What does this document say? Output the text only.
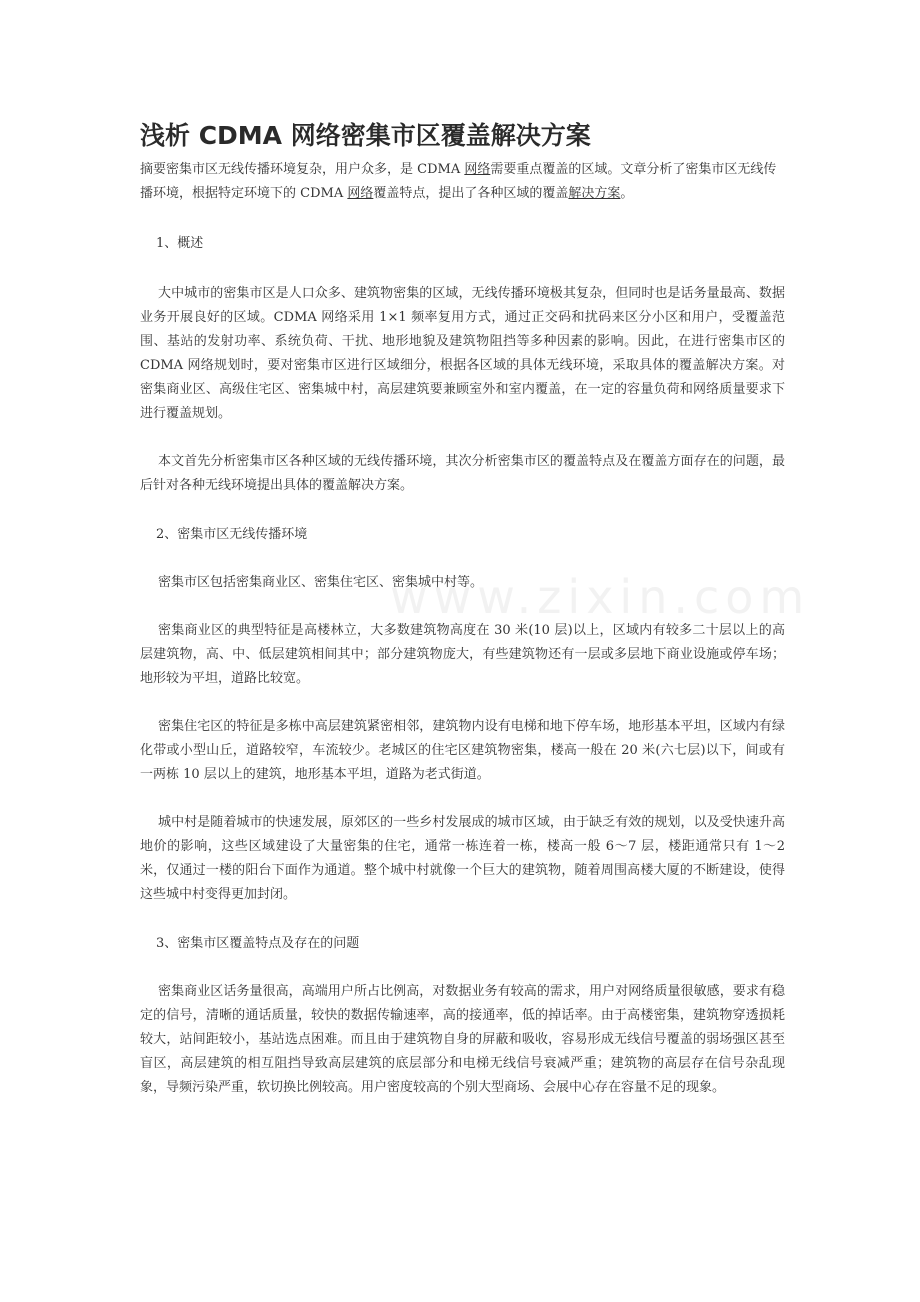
www.zixin.com
浅析 CDMA 网络密集市区覆盖解决方案

摘要密集市区无线传播环境复杂，用户众多，是 CDMA 网络需要重点覆盖的区域。文章分析了密集市区无线传播环境，根据特定环境下的 CDMA 网络覆盖特点，提出了各种区域的覆盖解决方案。

1、概述

大中城市的密集市区是人口众多、建筑物密集的区域，无线传播环境极其复杂，但同时也是话务量最高、数据业务开展良好的区域。CDMA 网络采用 1×1 频率复用方式，通过正交码和扰码来区分小区和用户，受覆盖范围、基站的发射功率、系统负荷、干扰、地形地貌及建筑物阻挡等多种因素的影响。因此，在进行密集市区的 CDMA 网络规划时，要对密集市区进行区域细分，根据各区域的具体无线环境，采取具体的覆盖解决方案。对密集商业区、高级住宅区、密集城中村，高层建筑要兼顾室外和室内覆盖，在一定的容量负荷和网络质量要求下进行覆盖规划。

本文首先分析密集市区各种区域的无线传播环境，其次分析密集市区的覆盖特点及在覆盖方面存在的问题，最后针对各种无线环境提出具体的覆盖解决方案。

2、密集市区无线传播环境

密集市区包括密集商业区、密集住宅区、密集城中村等。

密集商业区的典型特征是高楼林立，大多数建筑物高度在 30 米(10 层)以上，区域内有较多二十层以上的高层建筑物，高、中、低层建筑相间其中；部分建筑物庞大，有些建筑物还有一层或多层地下商业设施或停车场；地形较为平坦，道路比较宽。

密集住宅区的特征是多栋中高层建筑紧密相邻，建筑物内设有电梯和地下停车场，地形基本平坦，区域内有绿化带或小型山丘，道路较窄，车流较少。老城区的住宅区建筑物密集，楼高一般在 20 米(六七层)以下，间或有一两栋 10 层以上的建筑，地形基本平坦，道路为老式街道。

城中村是随着城市的快速发展，原郊区的一些乡村发展成的城市区域，由于缺乏有效的规划，以及受快速升高地价的影响，这些区域建设了大量密集的住宅，通常一栋连着一栋，楼高一般 6～7 层，楼距通常只有 1～2 米，仅通过一楼的阳台下面作为通道。整个城中村就像一个巨大的建筑物，随着周围高楼大厦的不断建设，使得这些城中村变得更加封闭。

3、密集市区覆盖特点及存在的问题

密集商业区话务量很高，高端用户所占比例高，对数据业务有较高的需求，用户对网络质量很敏感，要求有稳定的信号，清晰的通话质量，较快的数据传输速率，高的接通率，低的掉话率。由于高楼密集，建筑物穿透损耗较大，站间距较小，基站选点困难。而且由于建筑物自身的屏蔽和吸收，容易形成无线信号覆盖的弱场强区甚至盲区，高层建筑的相互阻挡导致高层建筑的底层部分和电梯无线信号衰减严重；建筑物的高层存在信号杂乱现象，导频污染严重，软切换比例较高。用户密度较高的个别大型商场、会展中心存在容量不足的现象。
